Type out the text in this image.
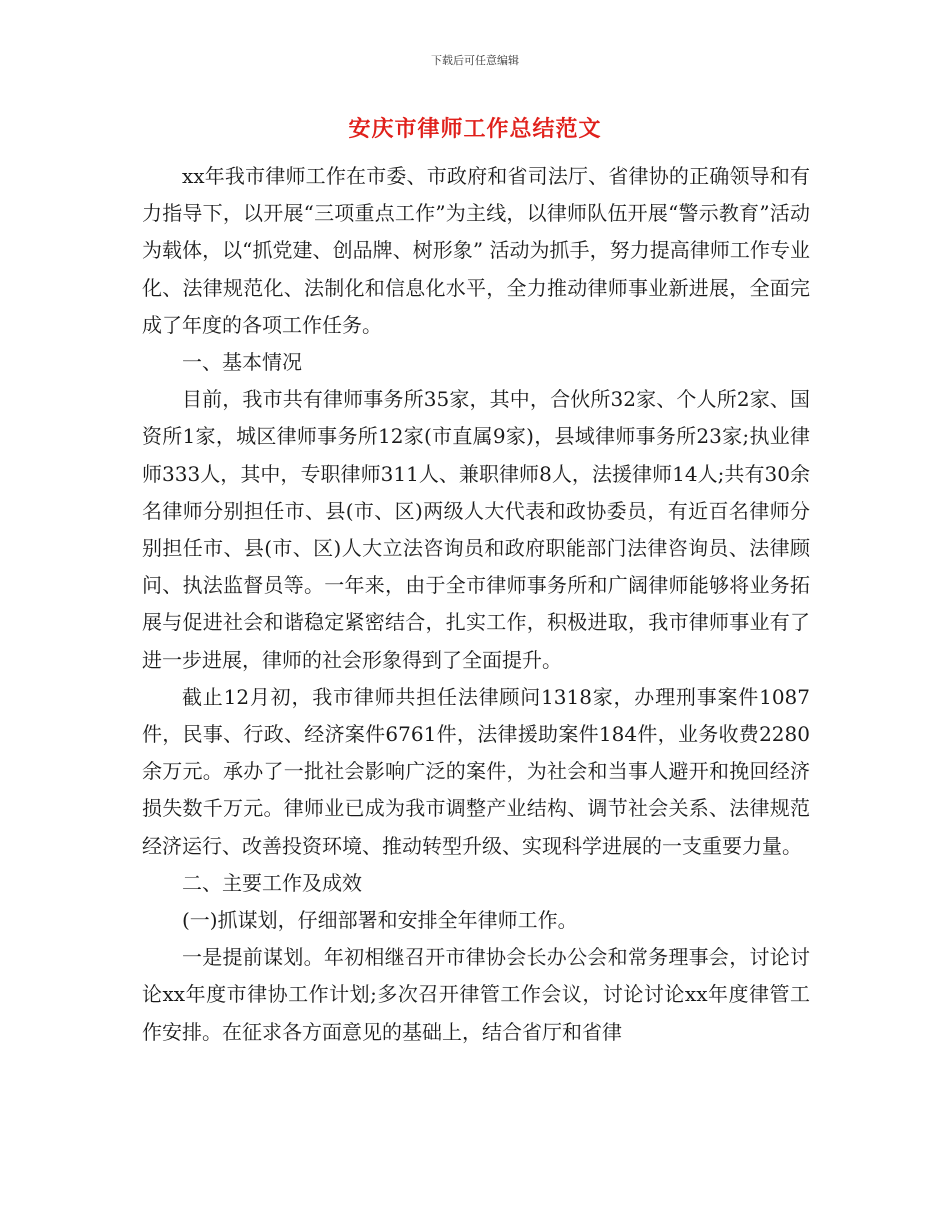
下载后可任意编辑
安庆市律师工作总结范文

xx年我市律师工作在市委、市政府和省司法厅、省律协的正确领导和有力指导下，以开展“三项重点工作”为主线，以律师队伍开展“警示教育”活动为载体，以“抓党建、创品牌、树形象” 活动为抓手，努力提高律师工作专业化、法律规范化、法制化和信息化水平，全力推动律师事业新进展，全面完成了年度的各项工作任务。

一、基本情况

目前，我市共有律师事务所35家，其中，合伙所32家、个人所2家、国资所1家，城区律师事务所12家(市直属9家)，县域律师事务所23家;执业律师333人，其中，专职律师311人、兼职律师8人，法援律师14人;共有30余名律师分别担任市、县(市、区)两级人大代表和政协委员，有近百名律师分别担任市、县(市、区)人大立法咨询员和政府职能部门法律咨询员、法律顾问、执法监督员等。一年来，由于全市律师事务所和广阔律师能够将业务拓展与促进社会和谐稳定紧密结合，扎实工作，积极进取，我市律师事业有了进一步进展，律师的社会形象得到了全面提升。

截止12月初，我市律师共担任法律顾问1318家，办理刑事案件1087件，民事、行政、经济案件6761件，法律援助案件184件，业务收费2280余万元。承办了一批社会影响广泛的案件，为社会和当事人避开和挽回经济损失数千万元。律师业已成为我市调整产业结构、调节社会关系、法律规范经济运行、改善投资环境、推动转型升级、实现科学进展的一支重要力量。

二、主要工作及成效

(一)抓谋划，仔细部署和安排全年律师工作。

一是提前谋划。年初相继召开市律协会长办公会和常务理事会，讨论讨论xx年度市律协工作计划;多次召开律管工作会议，讨论讨论xx年度律管工作安排。在征求各方面意见的基础上，结合省厅和省律
